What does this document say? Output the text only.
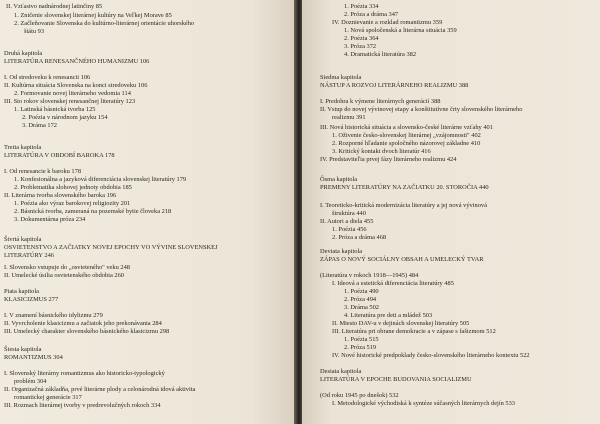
II. Vzťastvo nadnárodnej latinčiny 85
1. Zničenie slovenskej literárnej kultúry na Veľkej Morave 85
2. Začleňovanie Slovenska do kultúrno-literárnej orientácie uhorského
štátu 93
Druhá kapitola
LITERATÚRA RENESANČNÉHO HUMANIZMU 106
I. Od stredoveku k renesancii 106
II. Kultúrna situácia Slovenska na konci stredoveku 106
2. Formovanie novej literárneho vedomia 114
III. Sto rokov slovenskej renesančnej literatúry 123
1. Latinská básnická tvorba 125
2. Poézia v národnom jazyku 154
3. Dráma 172
Tretia kapitola
LITERATÚRA V OBDOBÍ BAROKA 178
I. Od renesancie k baroku 178
1. Konfesionálna a jazyková diferenciácia slovenskej literatúry 179
2. Problematika slohovej jednoty obdobia 185
II. Literárna tvorba slovenského baroka 196
1. Poézia ako výraz barokovej religiozity 201
2. Básnická tvorba, zameraná na pozemské bytie človeka 218
3. Dokumentárna próza 234
Štvrtá kapitola
OSVIETENSTVO A ZAČIATKY NOVEJ EPOCHY VO VÝVINE SLOVENSKEJ
LITERATÚRY 246
I. Slovensko vstupuje do „osvieteného" veku 248
II. Umelecké úsilia osvietenského obdobia 260
Piata kapitola
KLASICIZMUS 277
I. V znamení básnického idylizmu 279
II. Vyvrcholenie klasicizmu a začiatok jeho prekonávania 284
III. Umelecký charakter slovenského básnického klasicizmu 298
Šiesta kapitola
ROMANTIZMUS 304
I. Slovenský literárny romantizmus ako historicko-typologický
problém 304
II. Organizačná základňa, prvé literárne plody a celonárodná idová aktivita
romantickej generácie 317
III. Rozmach literárnej tvorby v predrevolučných rokoch 334
1. Poézia 334
2. Próza a dráma 347
IV. Doznievanie a rozklad romantizmu 359
1. Nová spoločenská a literárna situácia 359
2. Poézia 364
3. Próza 372
4. Dramatická literatúra 382
Siedma kapitola
NÁSTUP A ROZVOJ LITERÁRNEHO REALIZMU 388
I. Predohra k výmene literárnych generácií 388
II. Vstup do novej vývinovej etapy a konštitutívne črty slovenského literárneho
realizmu 391
III. Nová historická situácia a slovensko-české literárne vzťahy 401
1. Oživenie česko-slovenskej literárnej „vzájomnosti" 402
2. Rozporné hľadanie spoločného názorovej základne 410
3. Kritický kontakt dvoch literatúr 416
IV. Predstaviteľia prvej fázy literárneho realizmu 424
Ôsma kapitola
PREMENY LITERATÚRY NA ZAČIATKU 20. STOROČIA 440
I. Teoreticko-kritická modernizácia literatúry a jej nová vývinová
štruktúra 440
II. Autori a diela 455
1. Poézia 456
2. Próza a dráma 468
Deviata kapitola
ZÁPAS O NOVÝ SOCIÁLNY OBSAH A UMELECKÝ TVAR
(Literatúra v rokoch 1918—1945) 484
I. Ideová a estetická diferenciácia literatúry 485
1. Poézia 490
2. Próza 494
3. Dráma 502
4. Literatúra pre deti a mládež 503
II. Miesto DAV-u v dejinách slovenskej literatúry 505
III. Literatúra pri obrane demokracie a v zápase s fašizmom 512
1. Poézia 515
2. Próza 519
IV. Nové historické predpoklady česko-slovenského literárneho kontextu 522
Desiata kapitola
LITERATÚRA V EPOCHE BUDOVANIA SOCIALIZMU
(Od roku 1945 po dnešok) 532
I. Metodologické východiská k syntéze súčasných literárnych dejín 533
